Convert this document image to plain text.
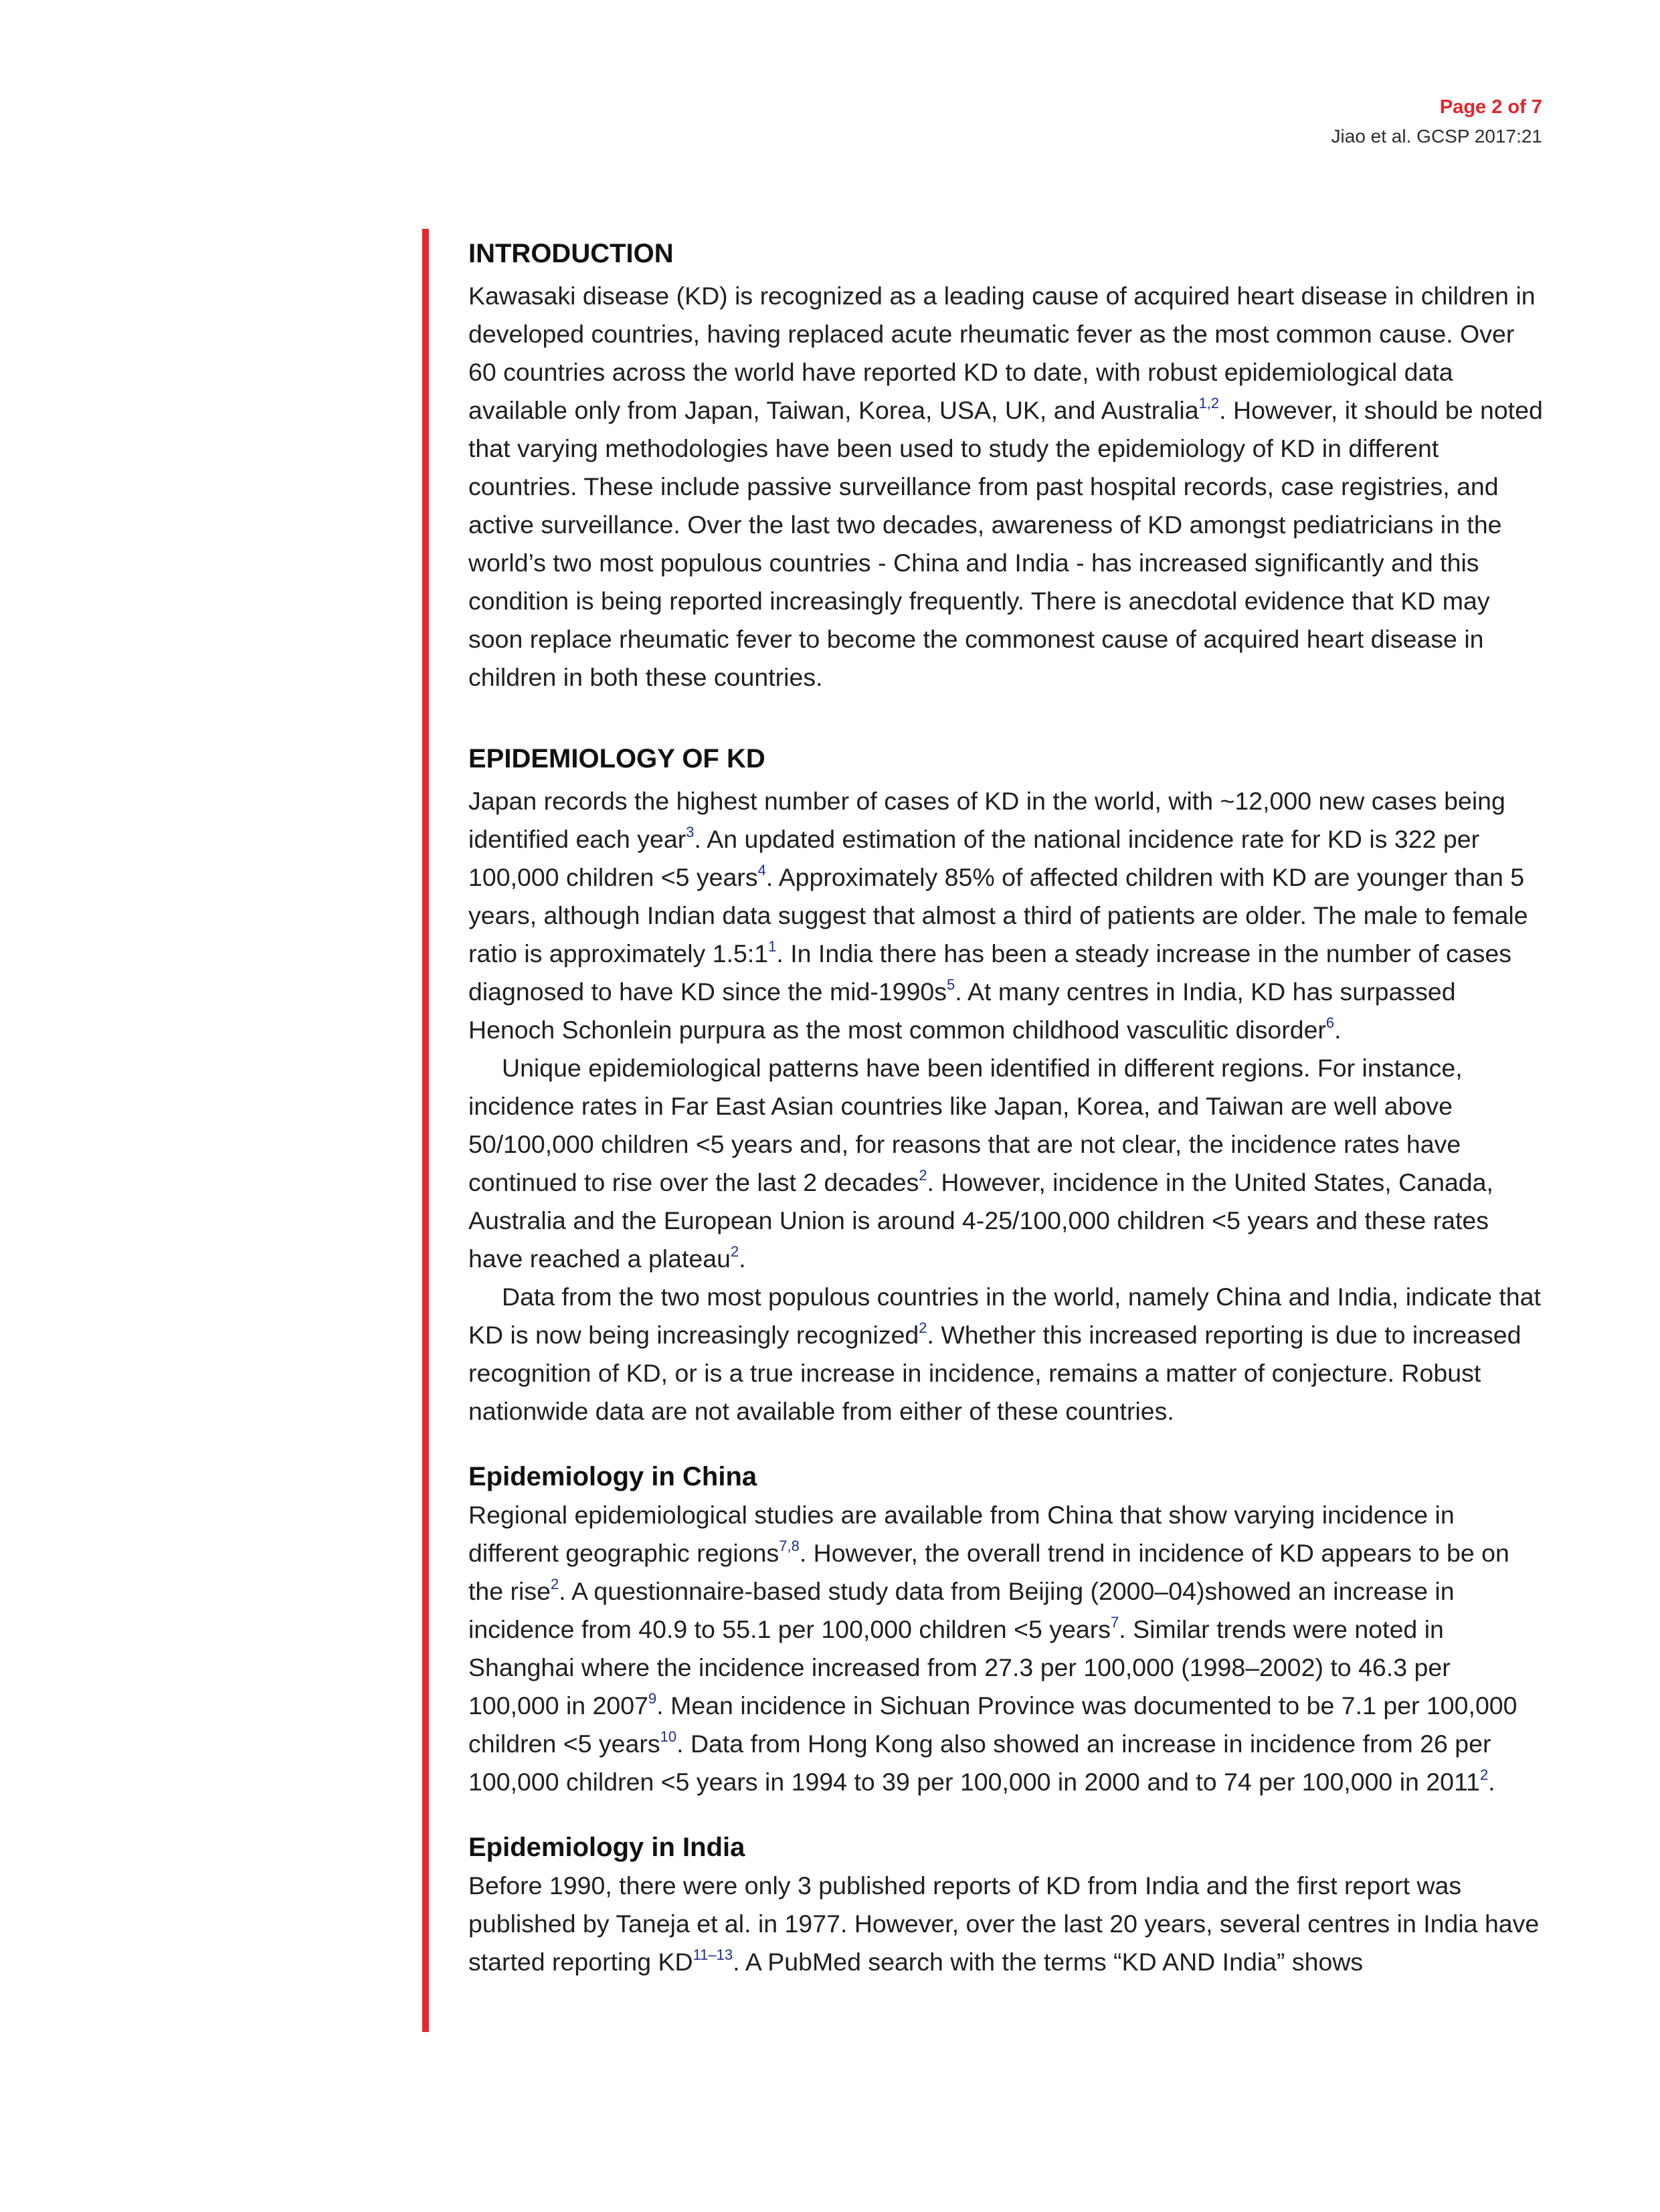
Page 2 of 7
Jiao et al. GCSP 2017:21
INTRODUCTION

Kawasaki disease (KD) is recognized as a leading cause of acquired heart disease in children in developed countries, having replaced acute rheumatic fever as the most common cause. Over 60 countries across the world have reported KD to date, with robust epidemiological data available only from Japan, Taiwan, Korea, USA, UK, and Australia$^{1,2}$. However, it should be noted that varying methodologies have been used to study the epidemiology of KD in different countries. These include passive surveillance from past hospital records, case registries, and active surveillance. Over the last two decades, awareness of KD amongst pediatricians in the world’s two most populous countries - China and India - has increased significantly and this condition is being reported increasingly frequently. There is anecdotal evidence that KD may soon replace rheumatic fever to become the commonest cause of acquired heart disease in children in both these countries.

EPIDEMIOLOGY OF KD

Japan records the highest number of cases of KD in the world, with ~12,000 new cases being identified each year$^3$. An updated estimation of the national incidence rate for KD is 322 per 100,000 children <5 years$^4$. Approximately 85% of affected children with KD are younger than 5 years, although Indian data suggest that almost a third of patients are older. The male to female ratio is approximately $1.5:1^1$. In India there has been a steady increase in the number of cases diagnosed to have KD since the mid-$1990s^5$. At many centres in India, KD has surpassed Henoch Schonlein purpura as the most common childhood vasculitic disorder$^6$.

Unique epidemiological patterns have been identified in different regions. For instance, incidence rates in Far East Asian countries like Japan, Korea, and Taiwan are well above 50/100,000 children <5 years and, for reasons that are not clear, the incidence rates have continued to rise over the last 2 decades$^2$. However, incidence in the United States, Canada, Australia and the European Union is around 4-25/100,000 children <5 years and these rates have reached a plateau$^2$.

Data from the two most populous countries in the world, namely China and India, indicate that KD is now being increasingly recognized$^2$. Whether this increased reporting is due to increased recognition of KD, or is a true increase in incidence, remains a matter of conjecture. Robust nationwide data are not available from either of these countries.

Epidemiology in China

Regional epidemiological studies are available from China that show varying incidence in different geographic regions$^{7,8}$. However, the overall trend in incidence of KD appears to be on the rise$^2$. A questionnaire-based study data from Beijing (2000–04)showed an increase in incidence from 40.9 to 55.1 per 100,000 children <5 years$^7$. Similar trends were noted in Shanghai where the incidence increased from 27.3 per 100,000 (1998–2002) to 46.3 per 100,000 in 2007$^9$. Mean incidence in Sichuan Province was documented to be 7.1 per 100,000 children <5 years$^{10}$. Data from Hong Kong also showed an increase in incidence from 26 per 100,000 children <5 years in 1994 to 39 per 100,000 in 2000 and to 74 per 100,000 in 2011$^2$.

Epidemiology in India

Before 1990, there were only 3 published reports of KD from India and the first report was published by Taneja et al. in 1977. However, over the last 20 years, several centres in India have started reporting KD$^{11-13}$. A PubMed search with the terms “KD AND India” shows
